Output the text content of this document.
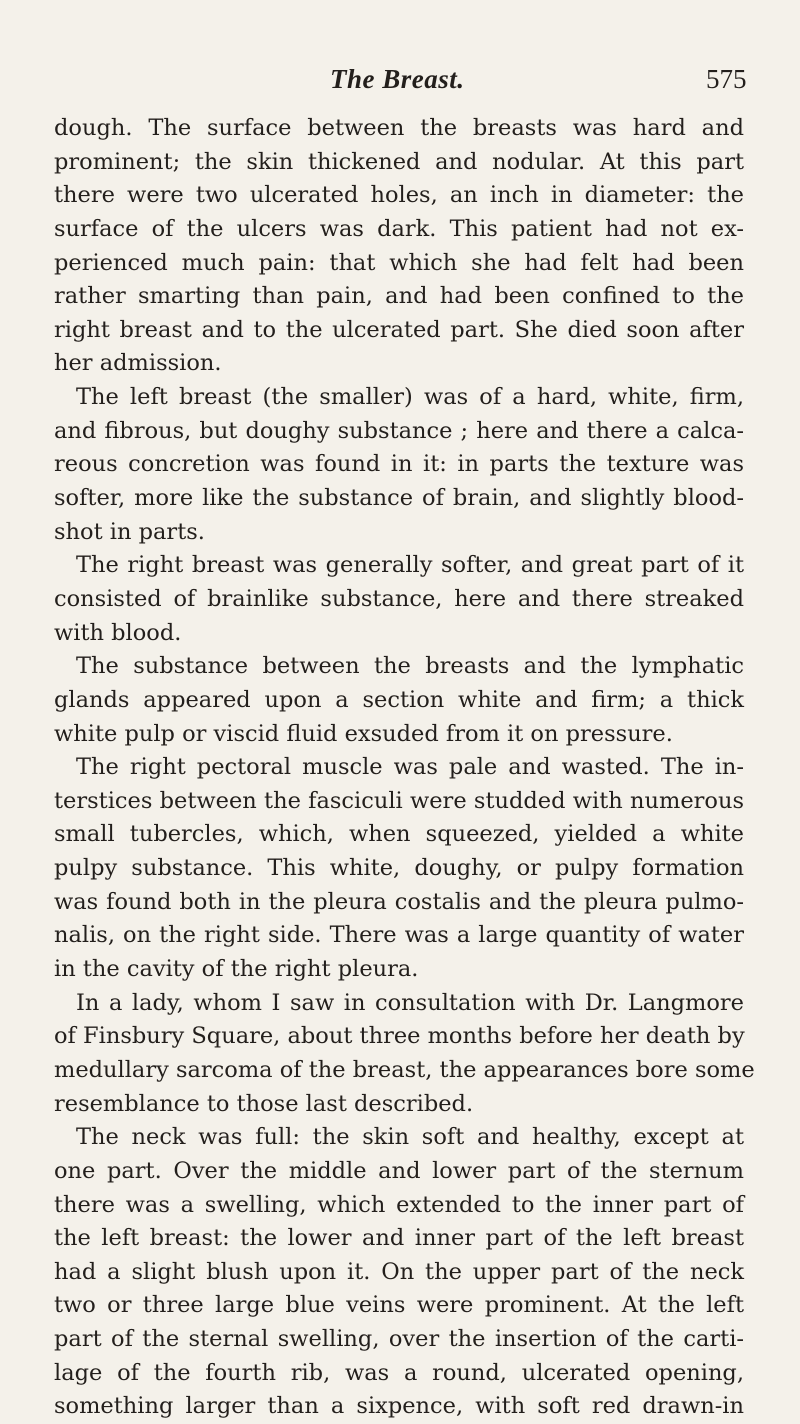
The Breast.	575
dough. The surface between the breasts was hard and
prominent; the skin thickened and nodular. At this part
there were two ulcerated holes, an inch in diameter: the
surface of the ulcers was dark. This patient had not ex-
perienced much pain: that which she had felt had been
rather smarting than pain, and had been confined to the
right breast and to the ulcerated part. She died soon after
her admission.
The left breast (the smaller) was of a hard, white, firm,
and fibrous, but doughy substance ; here and there a calca-
reous concretion was found in it: in parts the texture was
softer, more like the substance of brain, and slightly blood-
shot in parts.
The right breast was generally softer, and great part of it
consisted of brainlike substance, here and there streaked
with blood.
The substance between the breasts and the lymphatic
glands appeared upon a section white and firm; a thick
white pulp or viscid fluid exsuded from it on pressure.
The right pectoral muscle was pale and wasted. The in-
terstices between the fasciculi were studded with numerous
small tubercles, which, when squeezed, yielded a white
pulpy substance. This white, doughy, or pulpy formation
was found both in the pleura costalis and the pleura pulmo-
nalis, on the right side. There was a large quantity of water
in the cavity of the right pleura.
In a lady, whom I saw in consultation with Dr. Langmore
of Finsbury Square, about three months before her death by
medullary sarcoma of the breast, the appearances bore some
resemblance to those last described.
The neck was full: the skin soft and healthy, except at
one part. Over the middle and lower part of the sternum
there was a swelling, which extended to the inner part of
the left breast: the lower and inner part of the left breast
had a slight blush upon it. On the upper part of the neck
two or three large blue veins were prominent. At the left
part of the sternal swelling, over the insertion of the carti-
lage of the fourth rib, was a round, ulcerated opening,
something larger than a sixpence, with soft red drawn-in
